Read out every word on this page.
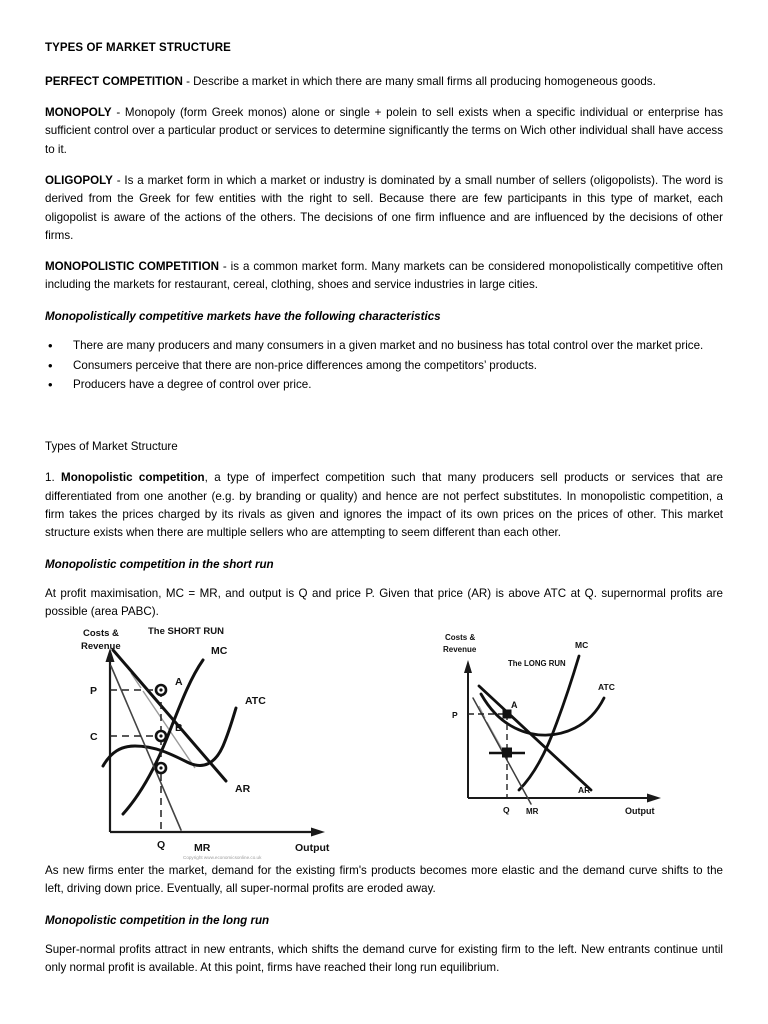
TYPES OF MARKET STRUCTURE

PERFECT COMPETITION - Describe a market in which there are many small firms all producing homogeneous goods.

MONOPOLY - Monopoly (form Greek monos) alone or single + polein to sell exists when a specific individual or enterprise has sufficient control over a particular product or services to determine significantly the terms on Wich other individual shall have access to it.

OLIGOPOLY - Is a market form in which a market or industry is dominated by a small number of sellers (oligopolists). The word is derived from the Greek for few entities with the right to sell. Because there are few participants in this type of market, each oligopolist is aware of the actions of the others. The decisions of one firm influence and are influenced by the decisions of other firms.

MONOPOLISTIC COMPETITION - is a common market form. Many markets can be considered monopolistically competitive often including the markets for restaurant, cereal, clothing, shoes and service industries in large cities.

Monopolistically competitive markets have the following characteristics
• There are many producers and many consumers in a given market and no business has total control over the market price.
• Consumers perceive that there are non-price differences among the competitors’ products.
• Producers have a degree of control over price.

Types of Market Structure

1. Monopolistic competition, a type of imperfect competition such that many producers sell products or services that are differentiated from one another (e.g. by branding or quality) and hence are not perfect substitutes. In monopolistic competition, a firm takes the prices charged by its rivals as given and ignores the impact of its own prices on the prices of other. This market structure exists when there are multiple sellers who are attempting to seem different than each other.

Monopolistic competition in the short run

At profit maximisation, MC = MR, and output is Q and price P. Given that price (AR) is above ATC at Q. supernormal profits are possible (area PABC).

Costs &
Revenue
The SHORT RUN
MC
ATC
AR
MR
A
B
P
C
Q	Output
Copyright www.economicsonline.co.uk
Costs &
Revenue
The LONG RUN
MC
ATC
AR
MR
A
P
Q	Output

As new firms enter the market, demand for the existing firm's products becomes more elastic and the demand curve shifts to the left, driving down price. Eventually, all super-normal profits are eroded away.

Monopolistic competition in the long run

Super-normal profits attract in new entrants, which shifts the demand curve for existing firm to the left. New entrants continue until only normal profit is available. At this point, firms have reached their long run equilibrium.
